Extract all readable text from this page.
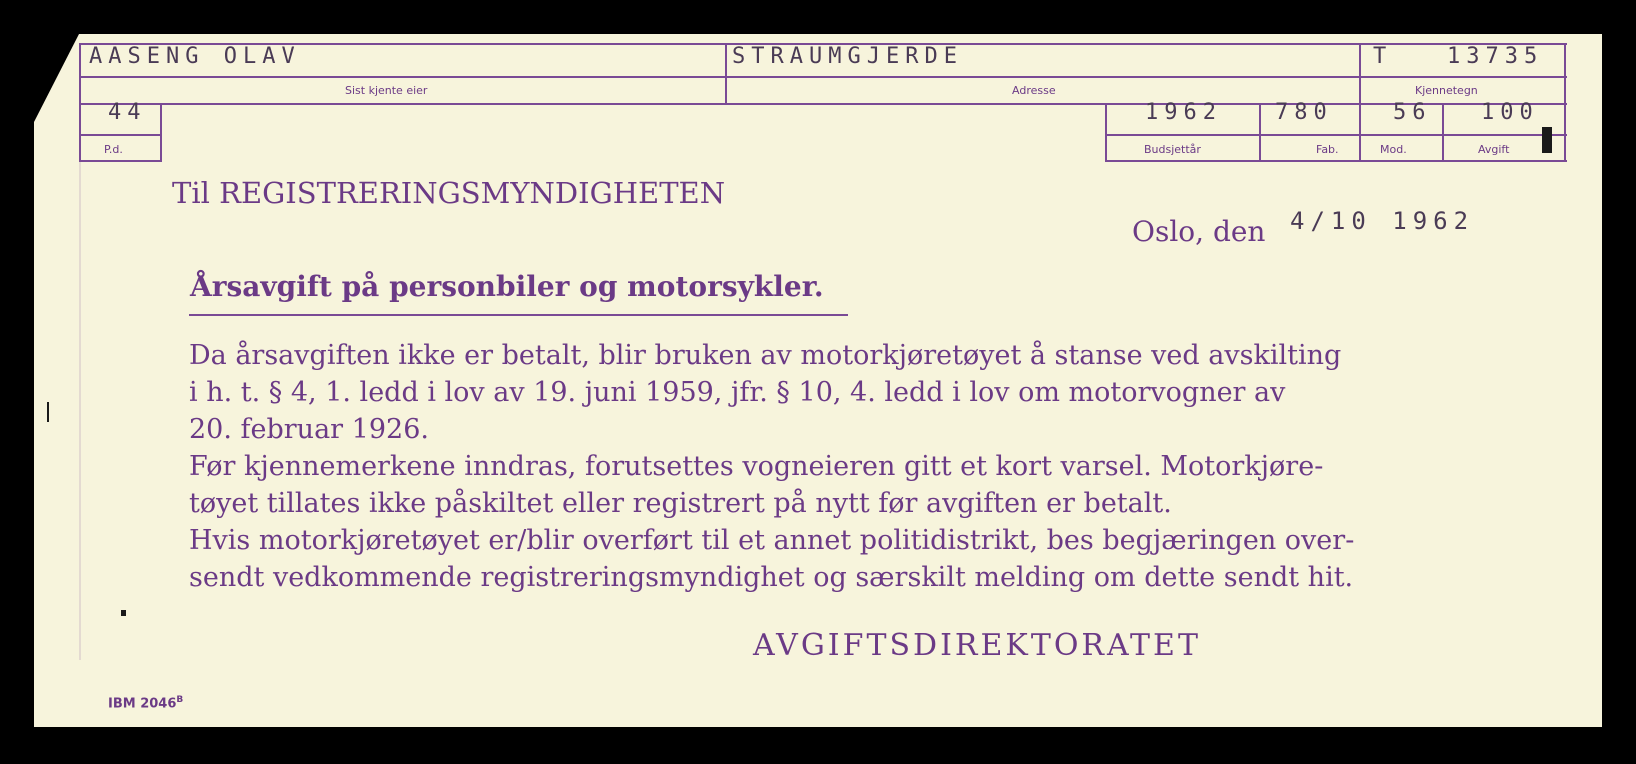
AASENG OLAV
Sist kjente eier
STRAUMGJERDE
Adresse
T 13735
Kjennetegn
44
P.d.
1962
Budsjettår
780
Fab.
56
Mod.
100
Avgift
Til REGISTRERINGSMYNDIGHETEN
Oslo, den 4/10 1962
Årsavgift på personbiler og motorsykler.
Da årsavgiften ikke er betalt, blir bruken av motorkjøretøyet å stanse ved avskilting
i h. t. § 4, 1. ledd i lov av 19. juni 1959, jfr. § 10, 4. ledd i lov om motorvogner av
20. februar 1926.
Før kjennemerkene inndras, forutsettes vogneieren gitt et kort varsel. Motorkjøre-
tøyet tillates ikke påskiltet eller registrert på nytt før avgiften er betalt.
Hvis motorkjøretøyet er/blir overført til et annet politidistrikt, bes begjæringen over-
sendt vedkommende registreringsmyndighet og særskilt melding om dette sendt hit.
AVGIFTSDIREKTORATET
IBM $2046^B$
